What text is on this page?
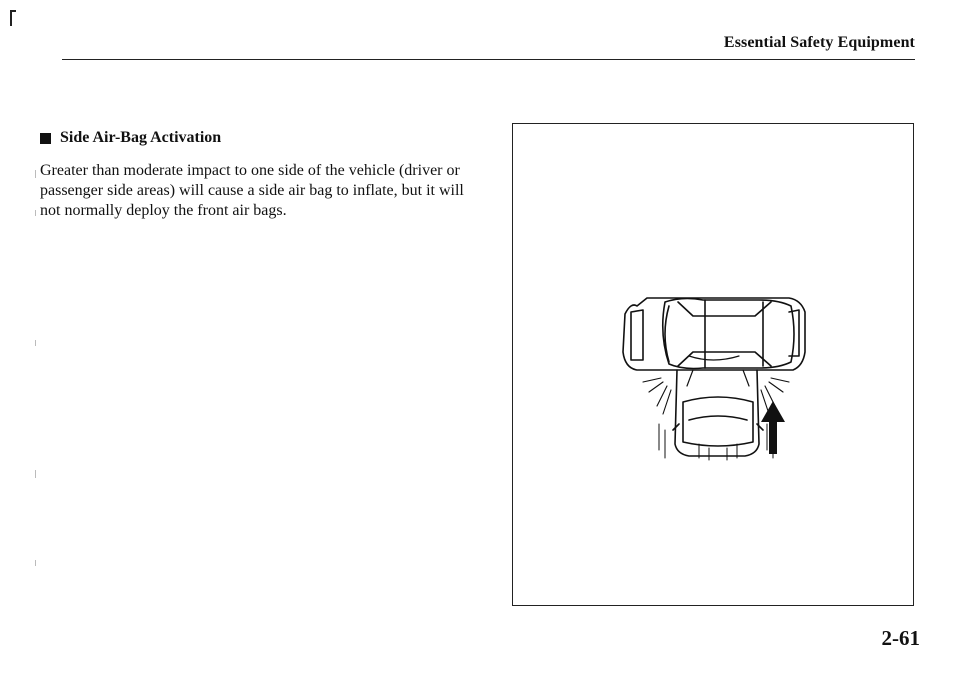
Essential Safety Equipment
Side Air-Bag Activation
Greater than moderate impact to one side of the vehicle (driver or passenger side areas) will cause a side air bag to inflate, but it will not normally deploy the front air bags.
2-61
